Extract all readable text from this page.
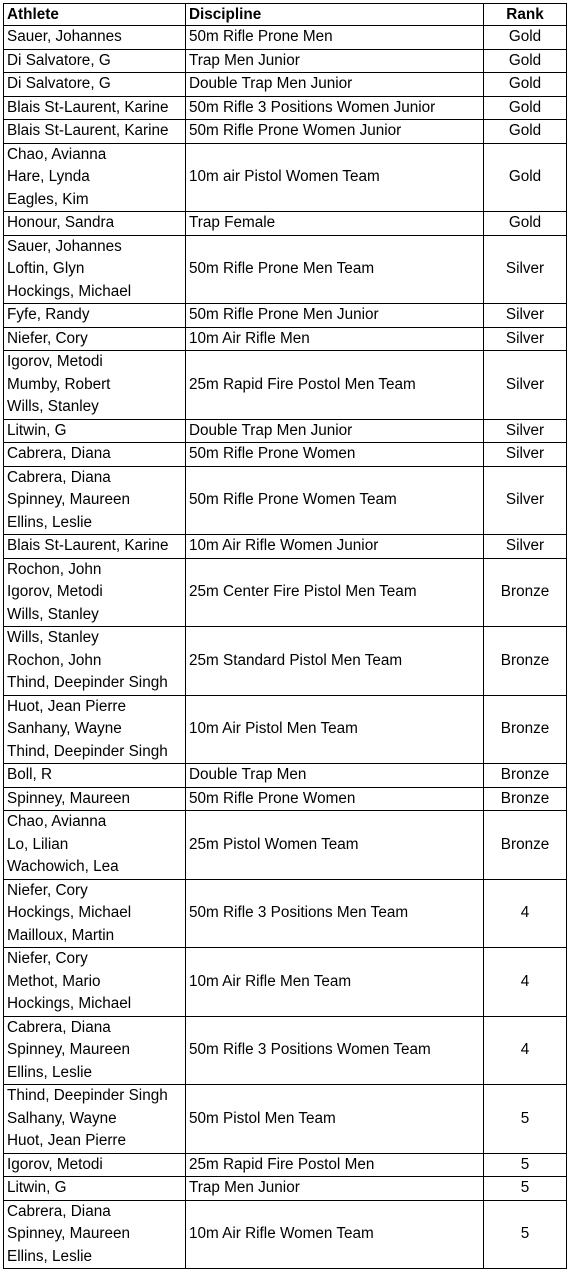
Athlete	Discipline	Rank

Sauer, Johannes	50m Rifle Prone Men	Gold

Di Salvatore, G	Trap Men Junior	Gold

Di Salvatore, G	Double Trap Men Junior	Gold

Blais St-Laurent, Karine	50m Rifle 3 Positions Women Junior	Gold

Blais St-Laurent, Karine	50m Rifle Prone Women Junior	Gold

Chao, Avianna
Hare, Lynda
Eagles, Kim	10m air Pistol Women Team	Gold

Honour, Sandra	Trap Female	Gold

Sauer, Johannes
Loftin, Glyn
Hockings, Michael	50m Rifle Prone Men Team	Silver

Fyfe, Randy	50m Rifle Prone Men Junior	Silver

Niefer, Cory	10m Air Rifle Men	Silver

Igorov, Metodi
Mumby, Robert
Wills, Stanley	25m Rapid Fire Postol Men Team	Silver

Litwin, G	Double Trap Men Junior	Silver

Cabrera, Diana	50m Rifle Prone Women	Silver

Cabrera, Diana
Spinney, Maureen
Ellins, Leslie	50m Rifle Prone Women Team	Silver

Blais St-Laurent, Karine	10m Air Rifle Women Junior	Silver

Rochon, John
Igorov, Metodi
Wills, Stanley	25m Center Fire Pistol Men Team	Bronze

Wills, Stanley
Rochon, John
Thind, Deepinder Singh	25m Standard Pistol Men Team	Bronze

Huot, Jean Pierre
Sanhany, Wayne
Thind, Deepinder Singh	10m Air Pistol Men Team	Bronze

Boll, R	Double Trap Men	Bronze

Spinney, Maureen	50m Rifle Prone Women	Bronze

Chao, Avianna
Lo, Lilian
Wachowich, Lea	25m Pistol Women Team	Bronze

Niefer, Cory
Hockings, Michael
Mailloux, Martin	50m Rifle 3 Positions Men Team	4

Niefer, Cory
Methot, Mario
Hockings, Michael	10m Air Rifle Men Team	4

Cabrera, Diana
Spinney, Maureen
Ellins, Leslie	50m Rifle 3 Positions Women Team	4

Thind, Deepinder Singh
Salhany, Wayne
Huot, Jean Pierre	50m Pistol Men Team	5

Igorov, Metodi	25m Rapid Fire Postol Men	5

Litwin, G	Trap Men Junior	5

Cabrera, Diana
Spinney, Maureen
Ellins, Leslie	10m Air Rifle Women Team	5
